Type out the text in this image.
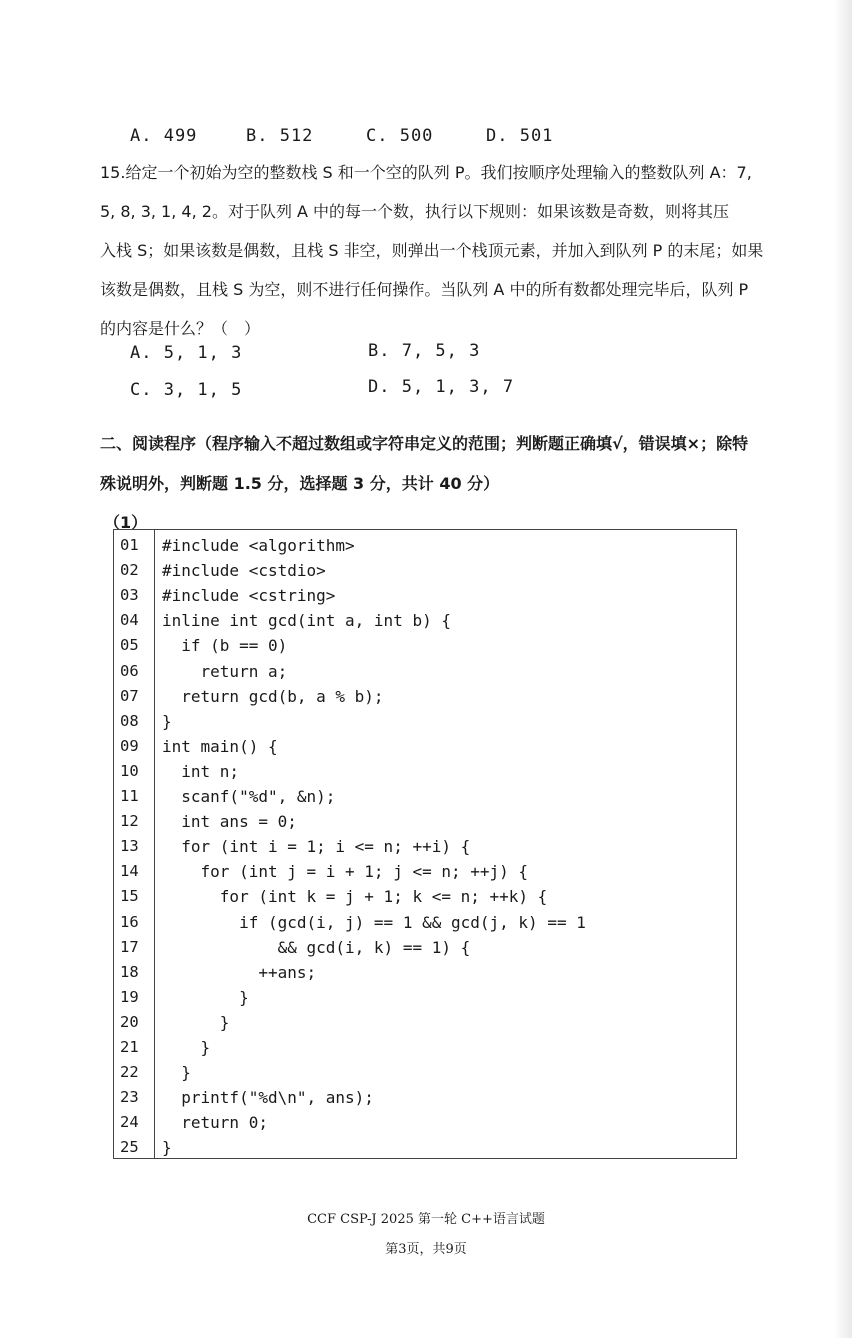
A. 499	B. 512	C. 500	D. 501
15.给定一个初始为空的整数栈 S 和一个空的队列 P。我们按顺序处理输入的整数队列 A：7,
5, 8, 3, 1, 4, 2。对于队列 A 中的每一个数，执行以下规则：如果该数是奇数，则将其压
入栈 S；如果该数是偶数，且栈 S 非空，则弹出一个栈顶元素，并加入到队列 P 的末尾；如果
该数是偶数，且栈 S 为空，则不进行任何操作。当队列 A 中的所有数都处理完毕后，队列 P
的内容是什么？（　）
A. 5, 1, 3	B. 7, 5, 3
C. 3, 1, 5	D. 5, 1, 3, 7
二、阅读程序（程序输入不超过数组或字符串定义的范围；判断题正确填√，错误填×；除特
殊说明外，判断题 1.5 分，选择题 3 分，共计 40 分）
（1）
01 #include <algorithm>
02 #include <cstdio>
03 #include <cstring>
04 inline int gcd(int a, int b) {
05 if (b == 0)
06 return a;
07 return gcd(b, a % b);
08 }
09 int main() {
10 int n;
11 scanf("%d", &n);
12 int ans = 0;
13 for (int i = 1; i <= n; ++i) {
14 for (int j = i + 1; j <= n; ++j) {
15 for (int k = j + 1; k <= n; ++k) {
16 if (gcd(i, j) == 1 && gcd(j, k) == 1
17 && gcd(i, k) == 1) {
18 ++ans;
19 }
20 }
21 }
22 }
23 printf("%d\n", ans);
24 return 0;
25 }
CCF CSP-J 2025 第一轮 C++语言试题
第3页，共9页
